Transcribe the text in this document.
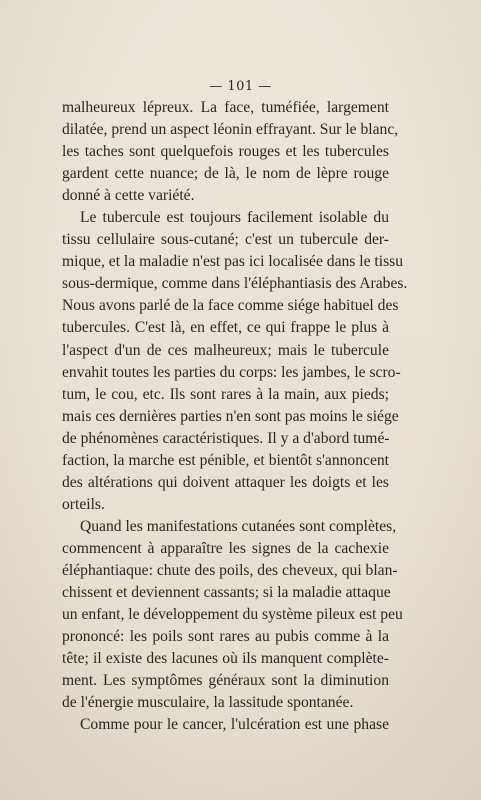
— 101 —
malheureux lépreux. La face, tuméfiée, largement
dilatée, prend un aspect léonin effrayant. Sur le blanc,
les taches sont quelquefois rouges et les tubercules
gardent cette nuance; de là, le nom de lèpre rouge
donné à cette variété.
Le tubercule est toujours facilement isolable du
tissu cellulaire sous-cutané; c'est un tubercule der-
mique, et la maladie n'est pas ici localisée dans le tissu
sous-dermique, comme dans l'éléphantiasis des Arabes.
Nous avons parlé de la face comme siége habituel des
tubercules. C'est là, en effet, ce qui frappe le plus à
l'aspect d'un de ces malheureux; mais le tubercule
envahit toutes les parties du corps: les jambes, le scro-
tum, le cou, etc. Ils sont rares à la main, aux pieds;
mais ces dernières parties n'en sont pas moins le siége
de phénomènes caractéristiques. Il y a d'abord tumé-
faction, la marche est pénible, et bientôt s'annoncent
des altérations qui doivent attaquer les doigts et les
orteils.
Quand les manifestations cutanées sont complètes,
commencent à apparaître les signes de la cachexie
éléphantiaque: chute des poils, des cheveux, qui blan-
chissent et deviennent cassants; si la maladie attaque
un enfant, le développement du système pileux est peu
prononcé: les poils sont rares au pubis comme à la
tête; il existe des lacunes où ils manquent complète-
ment. Les symptômes généraux sont la diminution
de l'énergie musculaire, la lassitude spontanée.
Comme pour le cancer, l'ulcération est une phase
